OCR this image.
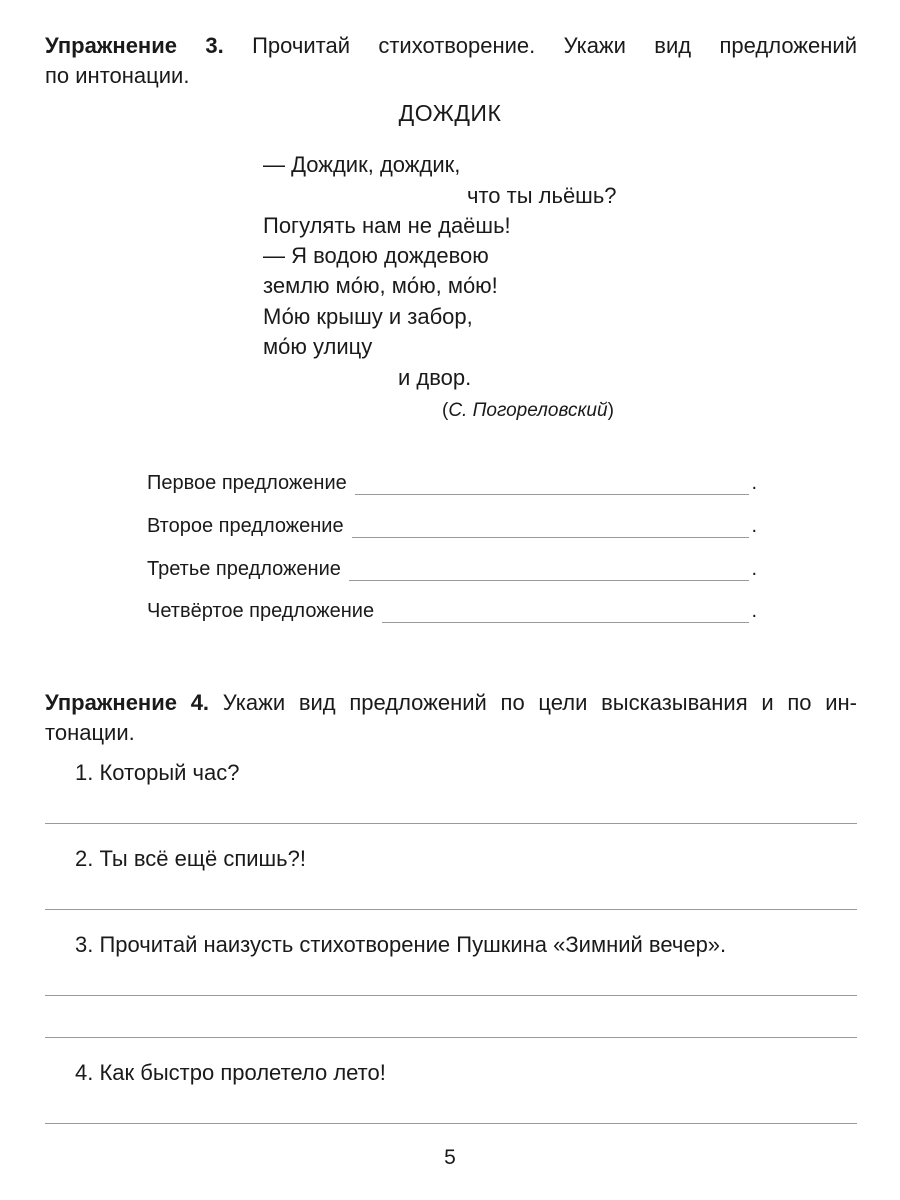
Упражнение 3. Прочитай стихотворение. Укажи вид предложений
по интонации.
ДОЖДИК
— Дождик, дождик,
что ты льёшь?
Погулять нам не даёшь!
— Я водою дождевою
землю мо́ю, мо́ю, мо́ю!
Мо́ю крышу и забор,
мо́ю улицу
и двор.
(С. Погореловский)
Первое предложение	.
Второе предложение	.
Третье предложение	.
Четвёртое предложение	.
Упражнение 4. Укажи вид предложений по цели высказывания и по ин-
тонации.
1. Который час?
2. Ты всё ещё спишь?!
3. Прочитай наизусть стихотворение Пушкина «Зимний вечер».
4. Как быстро пролетело лето!
5
